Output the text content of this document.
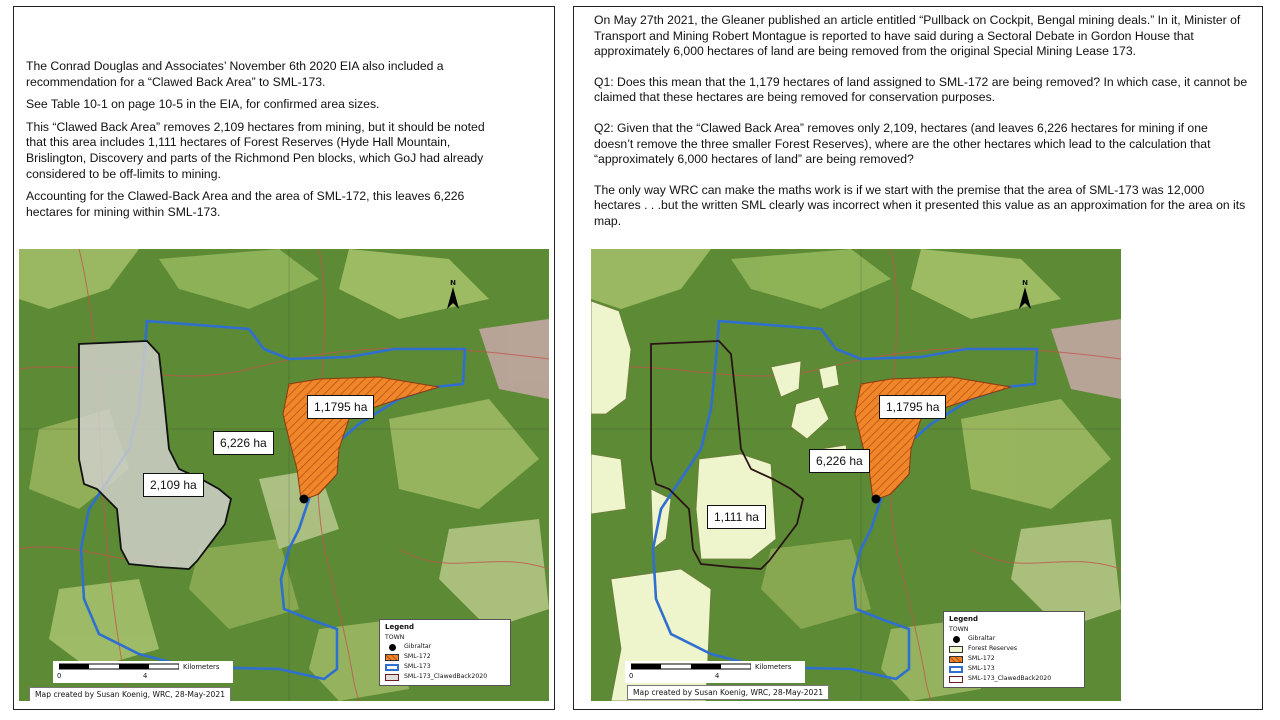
The Conrad Douglas and Associates’ November 6th 2020 EIA also included a recommendation for a “Clawed Back Area” to SML-173.

See Table 10-1 on page 10-5 in the EIA, for confirmed area sizes.

This “Clawed Back Area” removes 2,109 hectares from mining, but it should be noted that this area includes 1,111 hectares of Forest Reserves (Hyde Hall Mountain, Brislington, Discovery and parts of the Richmond Pen blocks, which GoJ had already considered to be off-limits to mining.

Accounting for the Clawed-Back Area and the area of SML-172, this leaves 6,226 hectares for mining within SML-173.

N
1,1795 ha
6,226 ha
2,109 ha
Legend
TOWN
Gibraltar
SML-172
SML-173
SML-173_ClawedBack2020
0	4
Kilometers
Map created by Susan Koenig, WRC, 28-May-2021

On May 27th 2021, the Gleaner published an article entitled “Pullback on Cockpit, Bengal mining deals.” In it, Minister of Transport and Mining Robert Montague is reported to have said during a Sectoral Debate in Gordon House that approximately 6,000 hectares of land are being removed from the original Special Mining Lease 173.

Q1: Does this mean that the 1,179 hectares of land assigned to SML-172 are being removed? In which case, it cannot be claimed that these hectares are being removed for conservation purposes.

Q2: Given that the “Clawed Back Area” removes only 2,109, hectares (and leaves 6,226 hectares for mining if one doesn’t remove the three smaller Forest Reserves), where are the other hectares which lead to the calculation that “approximately 6,000 hectares of land” are being removed?

The only way WRC can make the maths work is if we start with the premise that the area of SML-173 was 12,000 hectares . . .but the written SML clearly was incorrect when it presented this value as an approximation for the area on its map.

N
1,1795 ha
6,226 ha
1,111 ha
Legend
TOWN
Gibraltar
Forest Reserves
SML-172
SML-173
SML-173_ClawedBack2020
0	4
Kilometers
Map created by Susan Koenig, WRC, 28-May-2021
